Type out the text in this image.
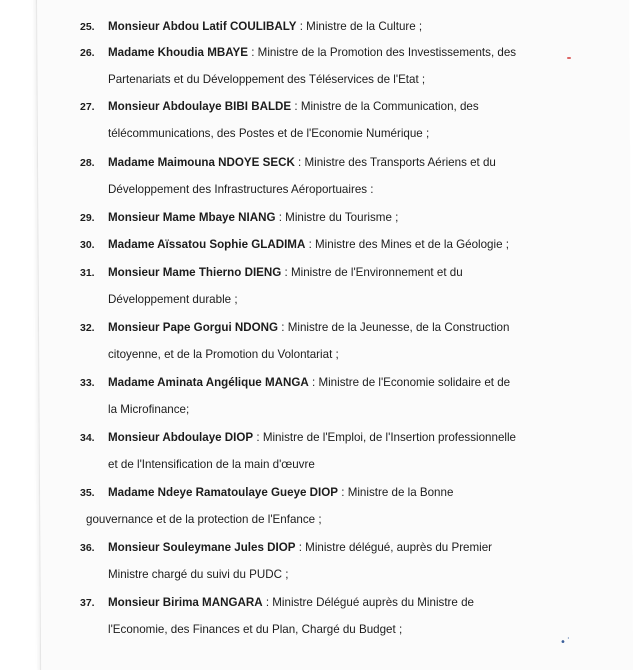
25. Monsieur Abdou Latif COULIBALY : Ministre de la Culture ;
26. Madame Khoudia MBAYE : Ministre de la Promotion des Investissements, des
Partenariats et du Développement des Téléservices de l'Etat ;
27. Monsieur Abdoulaye BIBI BALDE : Ministre de la Communication, des
télécommunications, des Postes et de l'Economie Numérique ;
28. Madame Maimouna NDOYE SECK : Ministre des Transports Aériens et du
Développement des Infrastructures Aéroportuaires :
29. Monsieur Mame Mbaye NIANG : Ministre du Tourisme ;
30. Madame Aïssatou Sophie GLADIMA : Ministre des Mines et de la Géologie ;
31. Monsieur Mame Thierno DIENG : Ministre de l'Environnement et du
Développement durable ;
32. Monsieur Pape Gorgui NDONG : Ministre de la Jeunesse, de la Construction
citoyenne, et de la Promotion du Volontariat ;
33. Madame Aminata Angélique MANGA : Ministre de l'Economie solidaire et de
la Microfinance;
34. Monsieur Abdoulaye DIOP : Ministre de l'Emploi, de l'Insertion professionnelle
et de l'Intensification de la main d'œuvre
35. Madame Ndeye Ramatoulaye Gueye DIOP : Ministre de la Bonne
gouvernance et de la protection de l'Enfance ;
36. Monsieur Souleymane Jules DIOP : Ministre délégué, auprès du Premier
Ministre chargé du suivi du PUDC ;
37. Monsieur Birima MANGARA : Ministre Délégué auprès du Ministre de
l'Economie, des Finances et du Plan, Chargé du Budget ;
•˙
